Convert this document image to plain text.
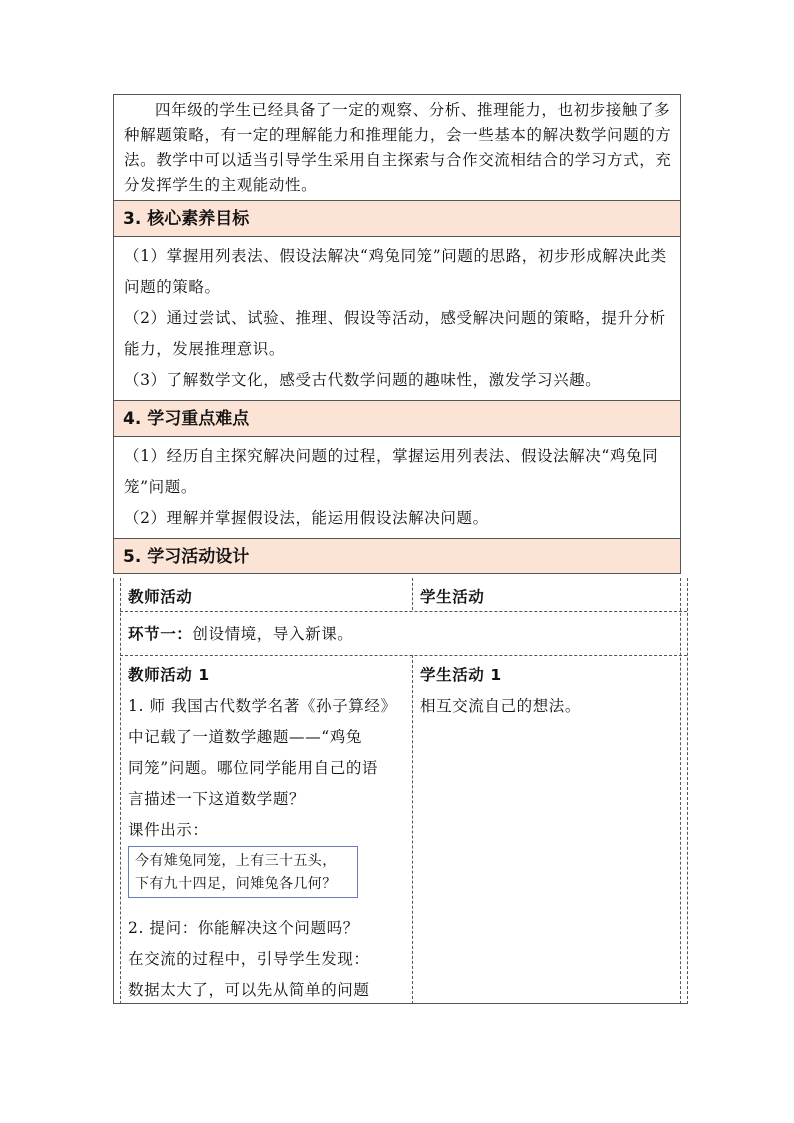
四年级的学生已经具备了一定的观察、分析、推理能力，也初步接触了多种解题策略，有一定的理解能力和推理能力，会一些基本的解决数学问题的方法。教学中可以适当引导学生采用自主探索与合作交流相结合的学习方式，充分发挥学生的主观能动性。
3. 核心素养目标

（1）掌握用列表法、假设法解决“鸡兔同笼”问题的思路，初步形成解决此类问题的策略。

（2）通过尝试、试验、推理、假设等活动，感受解决问题的策略，提升分析能力，发展推理意识。

（3）了解数学文化，感受古代数学问题的趣味性，激发学习兴趣。

4. 学习重点难点

（1）经历自主探究解决问题的过程，掌握运用列表法、假设法解决“鸡兔同笼”问题。

（2）理解并掌握假设法，能运用假设法解决问题。

5. 学习活动设计
教师活动	学生活动
环节一：创设情境，导入新课。

教师活动 1

1. 师 我国古代数学名著《孙子算经》

中记载了一道数学趣题——“鸡兔

同笼”问题。哪位同学能用自己的语

言描述一下这道数学题？

课件出示：

今有雉兔同笼，上有三十五头，
下有九十四足，问雉兔各几何？

2. 提问：你能解决这个问题吗？

在交流的过程中，引导学生发现：

数据太大了，可以先从简单的问题

学生活动 1

相互交流自己的想法。
